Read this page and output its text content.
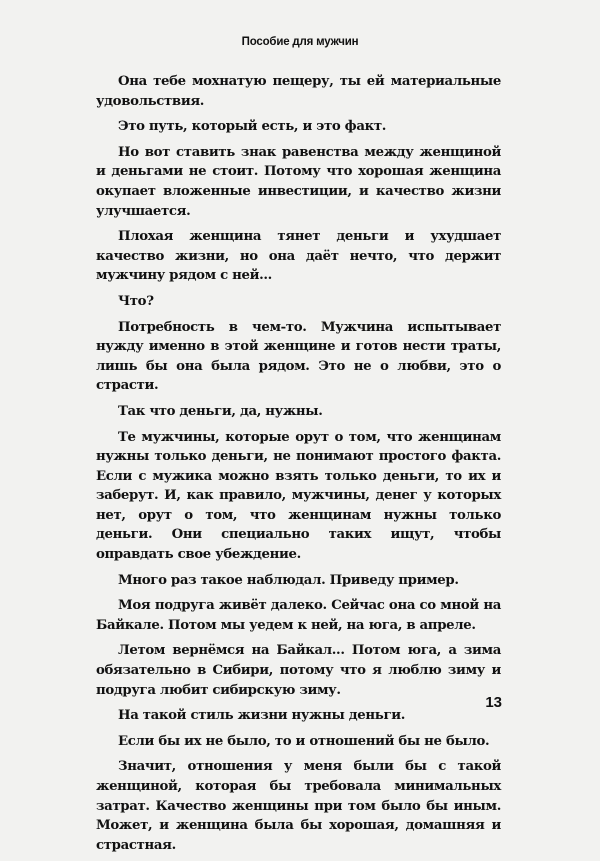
Пособие для мужчин

Она тебе мохнатую пещеру, ты ей материальные удовольствия.

Это путь, который есть, и это факт.

Но вот ставить знак равенства между женщиной и деньгами не стоит. Потому что хорошая женщина окупает вложенные инвестиции, и качество жизни улучшается.

Плохая женщина тянет деньги и ухудшает качество жизни, но она даёт нечто, что держит мужчину рядом с ней...

Что?

Потребность в чем-то. Мужчина испытывает нужду именно в этой женщине и готов нести траты, лишь бы она была рядом. Это не о любви, это о страсти.

Так что деньги, да, нужны.

Те мужчины, которые орут о том, что женщинам нужны только деньги, не понимают простого факта. Если с мужика можно взять только деньги, то их и заберут. И, как правило, мужчины, денег у которых нет, орут о том, что женщинам нужны только деньги. Они специально таких ищут, чтобы оправдать свое убеждение.

Много раз такое наблюдал. Приведу пример.

Моя подруга живёт далеко. Сейчас она со мной на Байкале. Потом мы уедем к ней, на юга, в апреле.

Летом вернёмся на Байкал... Потом юга, а зима обязательно в Сибири, потому что я люблю зиму и подруга любит сибирскую зиму.

На такой стиль жизни нужны деньги.

Если бы их не было, то и отношений бы не было.

Значит, отношения у меня были бы с такой женщиной, которая бы требовала минимальных затрат. Качество женщины при том было бы иным. Может, и женщина была бы хорошая, домашняя и страстная.

13
